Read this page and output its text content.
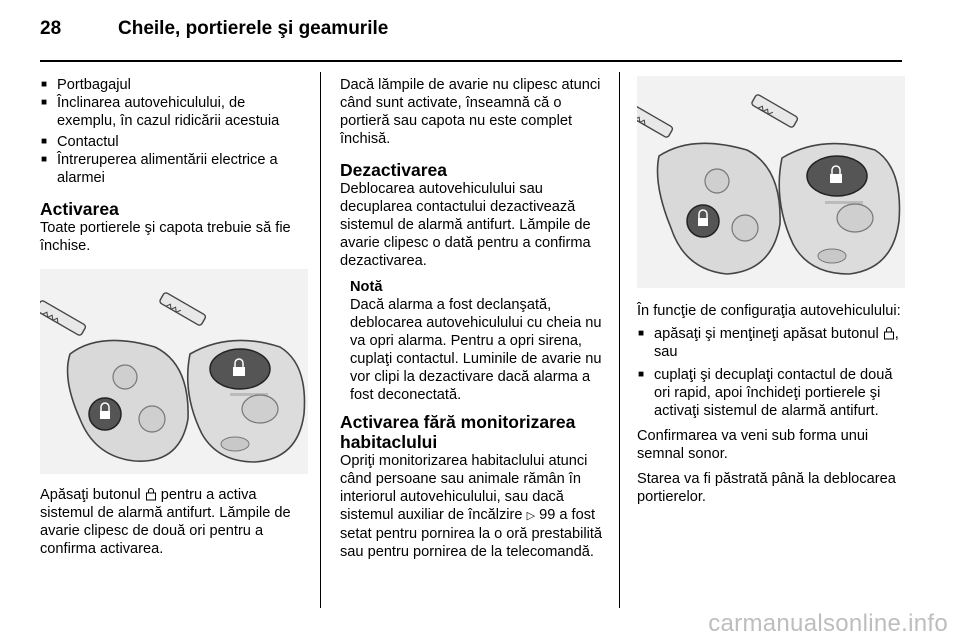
28	Cheile, portierele şi geamurile
■ Portbagajul
■ Înclinarea autovehiculului, de exemplu, în cazul ridicării acestuia
■ Contactul
■ Întreruperea alimentării electrice a alarmei
Activarea

Toate portierele şi capota trebuie să fie închise.

Apăsaţi butonul pentru a activa sistemul de alarmă antifurt. Lămpile de avarie clipesc de două ori pentru a confirma activarea.

Dacă lămpile de avarie nu clipesc atunci când sunt activate, înseamnă că o portieră sau capota nu este complet închisă.

Dezactivarea

Deblocarea autovehiculului sau decuplarea contactului dezactivează sistemul de alarmă antifurt. Lămpile de avarie clipesc o dată pentru a confirma dezactivarea.

Notă

Dacă alarma a fost declanşată, deblocarea autovehiculului cu cheia nu va opri alarma. Pentru a opri sirena, cuplaţi contactul. Luminile de avarie nu vor clipi la dezactivare dacă alarma a fost deconectată.

Activarea fără monitorizarea habitaclului

Opriţi monitorizarea habitaclului atunci când persoane sau animale rămân în interiorul autovehiculului, sau dacă sistemul auxiliar de încălzire ▷ 99 a fost setat pentru pornirea la o oră prestabilită sau pentru pornirea de la telecomandă.

În funcţie de configuraţia autovehiculului:

■ apăsaţi şi menţineţi apăsat butonul , sau
■ cuplaţi şi decuplaţi contactul de două ori rapid, apoi închideţi portierele şi activaţi sistemul de alarmă antifurt.

Confirmarea va veni sub forma unui semnal sonor.

Starea va fi păstrată până la deblocarea portierelor.

carmanualsonline.info
